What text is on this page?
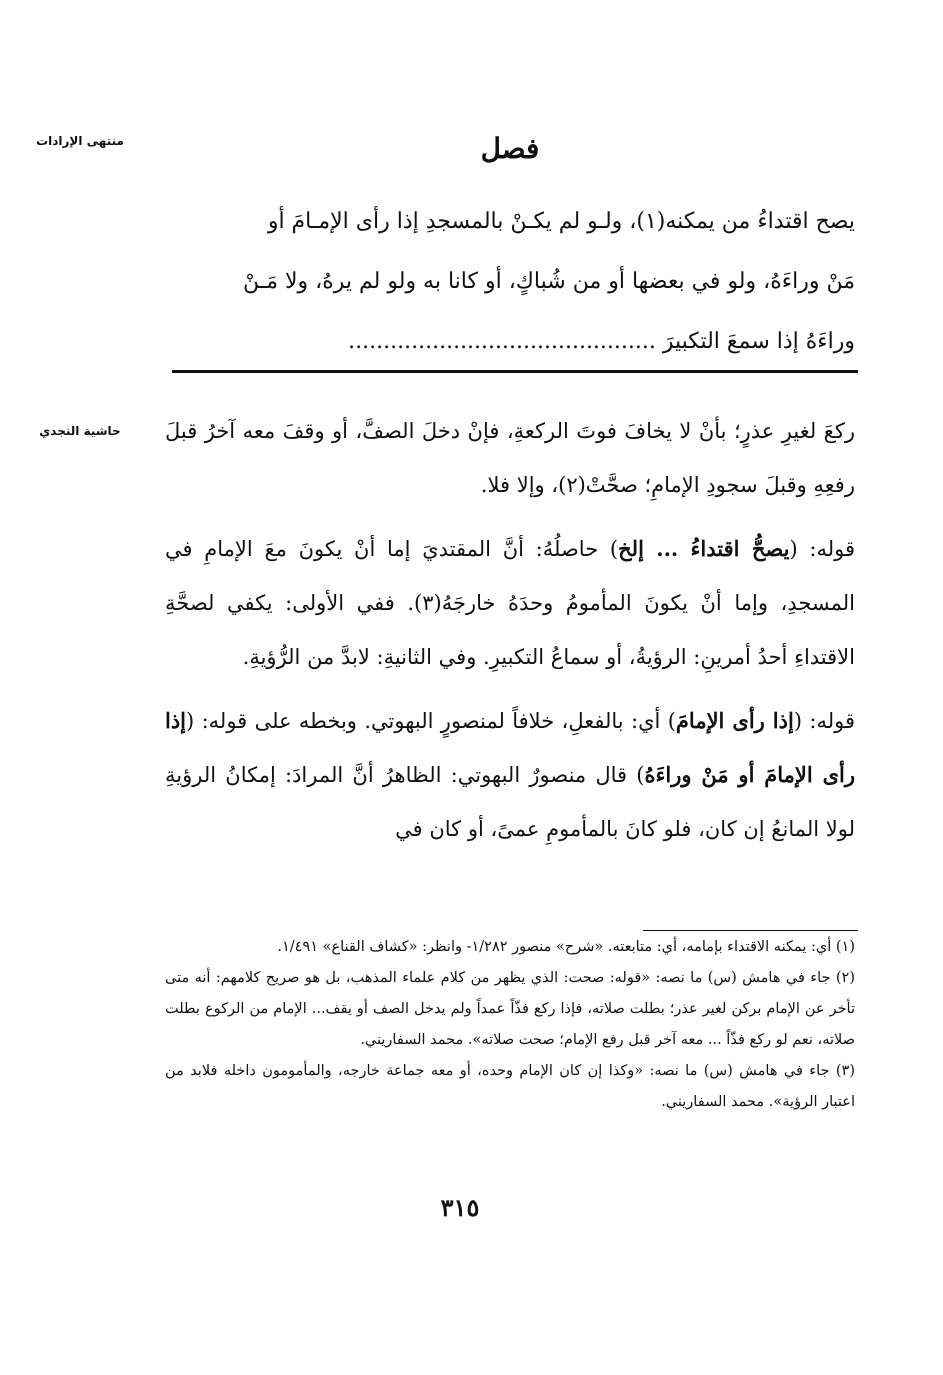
منتهى الإرادات
حاشية النجدي
فصل

يصح اقتداءُ من يمكنه(١)، ولـو لم يكـنْ بالمسجدِ إذا رأى الإمـامَ أو

مَنْ وراءَهُ، ولو في بعضها أو من شُباكٍ، أو كانا به ولو لم يرهُ، ولا مَـنْ

وراءَهُ إذا سمعَ التكبيرَ ............................................

ركعَ لغيرِ عذرٍ؛ بأنْ لا يخافَ فوتَ الركعةِ، فإنْ دخلَ الصفَّ، أو وقفَ معه آخرُ قبلَ رفعِهِ وقبلَ سجودِ الإمامِ؛ صحَّتْ(٢)، وإلا فلا.

قوله: (يصحُّ اقتداءُ ... إلخ) حاصلُهُ: أنَّ المقتديَ إما أنْ يكونَ معَ الإمامِ في المسجدِ، وإما أنْ يكونَ المأمومُ وحدَهُ خارجَهُ(٣). ففي الأولى: يكفي لصحَّةِ الاقتداءِ أحدُ أمرينِ: الرؤيةُ، أو سماعُ التكبيرِ. وفي الثانيةِ: لابدَّ من الرُّؤيةِ.

قوله: (إذا رأى الإمامَ) أي: بالفعلِ، خلافاً لمنصورٍ البهوتي. وبخطه على قوله: (إذا رأى الإمامَ أو مَنْ وراءَهُ) قال منصورٌ البهوتي: الظاهرُ أنَّ المرادَ: إمكانُ الرؤيةِ لولا المانعُ إن كان، فلو كانَ بالمأمومِ عمىً، أو كان في

(١) أي: يمكنه الاقتداء بإمامه، أي: متابعته. «شرح» منصور ١/٢٨٢- وانظر: «كشاف القناع» ١/٤٩١.

(٢) جاء في هامش (س) ما نصه: «قوله: صحت: الذي يظهر من كلام علماء المذهب، بل هو صريح كلامهم: أنه متى تأخر عن الإمام بركن لغير عذر؛ بطلت صلاته، فإذا ركع فذّاً عمداً ولم يدخل الصف أو يقف... الإمام من الركوع بطلت صلاته، نعم لو ركع فذّاً ... معه آخر قبل رفع الإمام؛ صحت صلاته». محمد السفاريني.

(٣) جاء في هامش (س) ما نصه: «وكذا إن كان الإمام وحده، أو معه جماعة خارجه، والمأمومون داخله فلابد من اعتبار الرؤية». محمد السفاريني.

٣١٥
